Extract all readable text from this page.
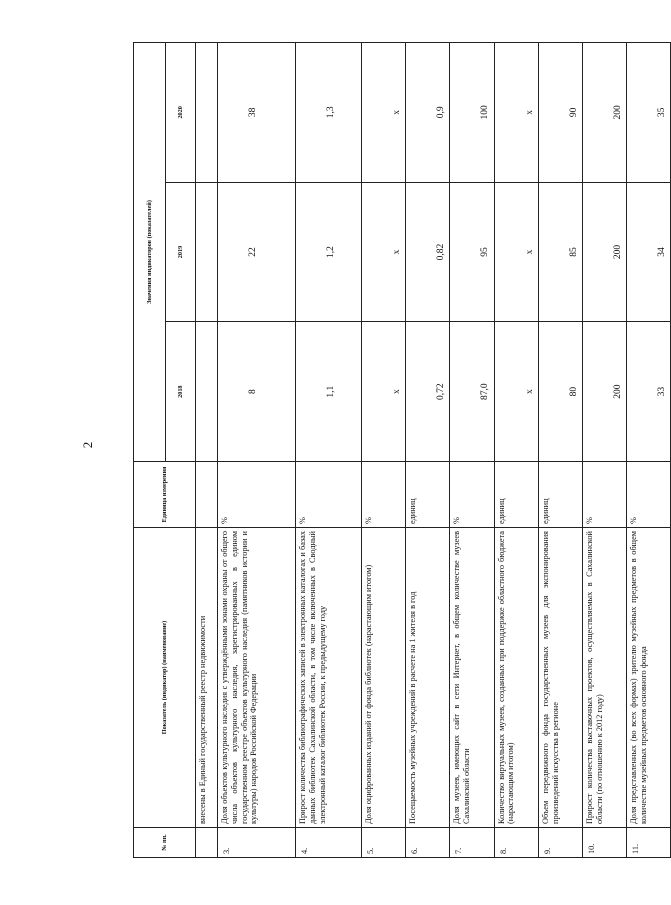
2
№ пп.	Показатель (индикатор) (наименование)	Единица измерения	Значения индикаторов (показателей)		
			2018	2019	2020
	внесены в Единый государственный реестр недвижимости				
3.	Доля объектов культурного наследия с утверждёнными зонами охраны от общего числа объектов культурного наследия, зарегистрированных в едином государственном реестре объектов культурного наследия (памятников истории и культуры) народов Российской Федерации	%	8	22	38
4.	Прирост количества библиографических записей в электронных каталогах и базах данных библиотек Сахалинской области, в том числе включенных в Сводный электронный каталог библиотек России, к предыдущему году	%	1,1	1,2	1,3
5.	Доля оцифрованных изданий от фонда библиотек (нарастающим итогом)	%	х	х	х
6.	Посещаемость музейных учреждений в расчете на 1 жителя в год	единиц	0,72	0,82	0,9
7.	Доля музеев, имеющих сайт в сети Интернет, в общем количестве музеев Сахалинской области	%	87,0	95	100
8.	Количество виртуальных музеев, созданных при поддержке областного бюджета (нарастающим итогом)	единиц	х	х	х
9.	Объем передвижного фонда государственных музеев для экспонирования произведений искусства в регионе	единиц	80	85	90
10.	Прирост количества выставочных проектов, осуществляемых в Сахалинской области (по отношению к 2012 году)	%	200	200	200
11.	Доля представленных (во всех формах) зрителю музейных предметов в общем количестве музейных предметов основного фонда	%	33	34	35
